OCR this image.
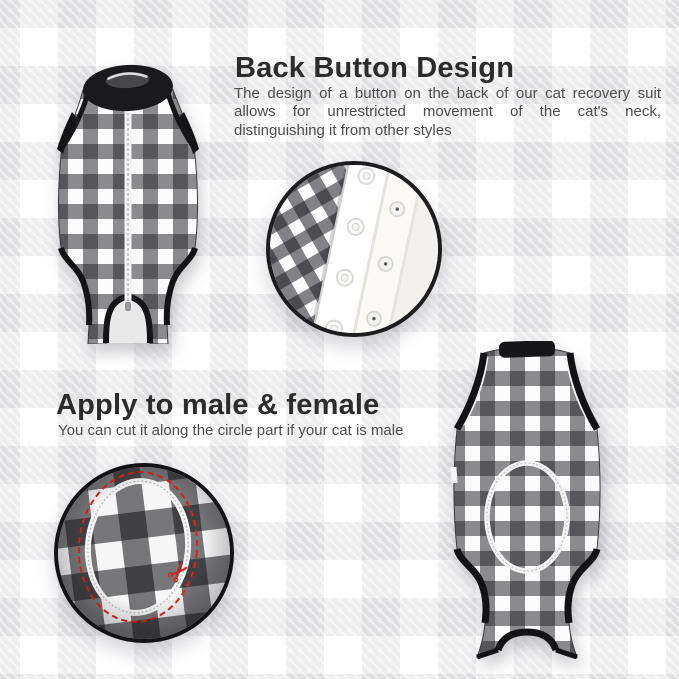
Back Button Design
The design of a button on the back of our cat recovery suit allows for unrestricted movement of the cat's neck, distinguishing it from other styles
Apply to male & female
You can cut it along the circle part if your cat is male
✂
